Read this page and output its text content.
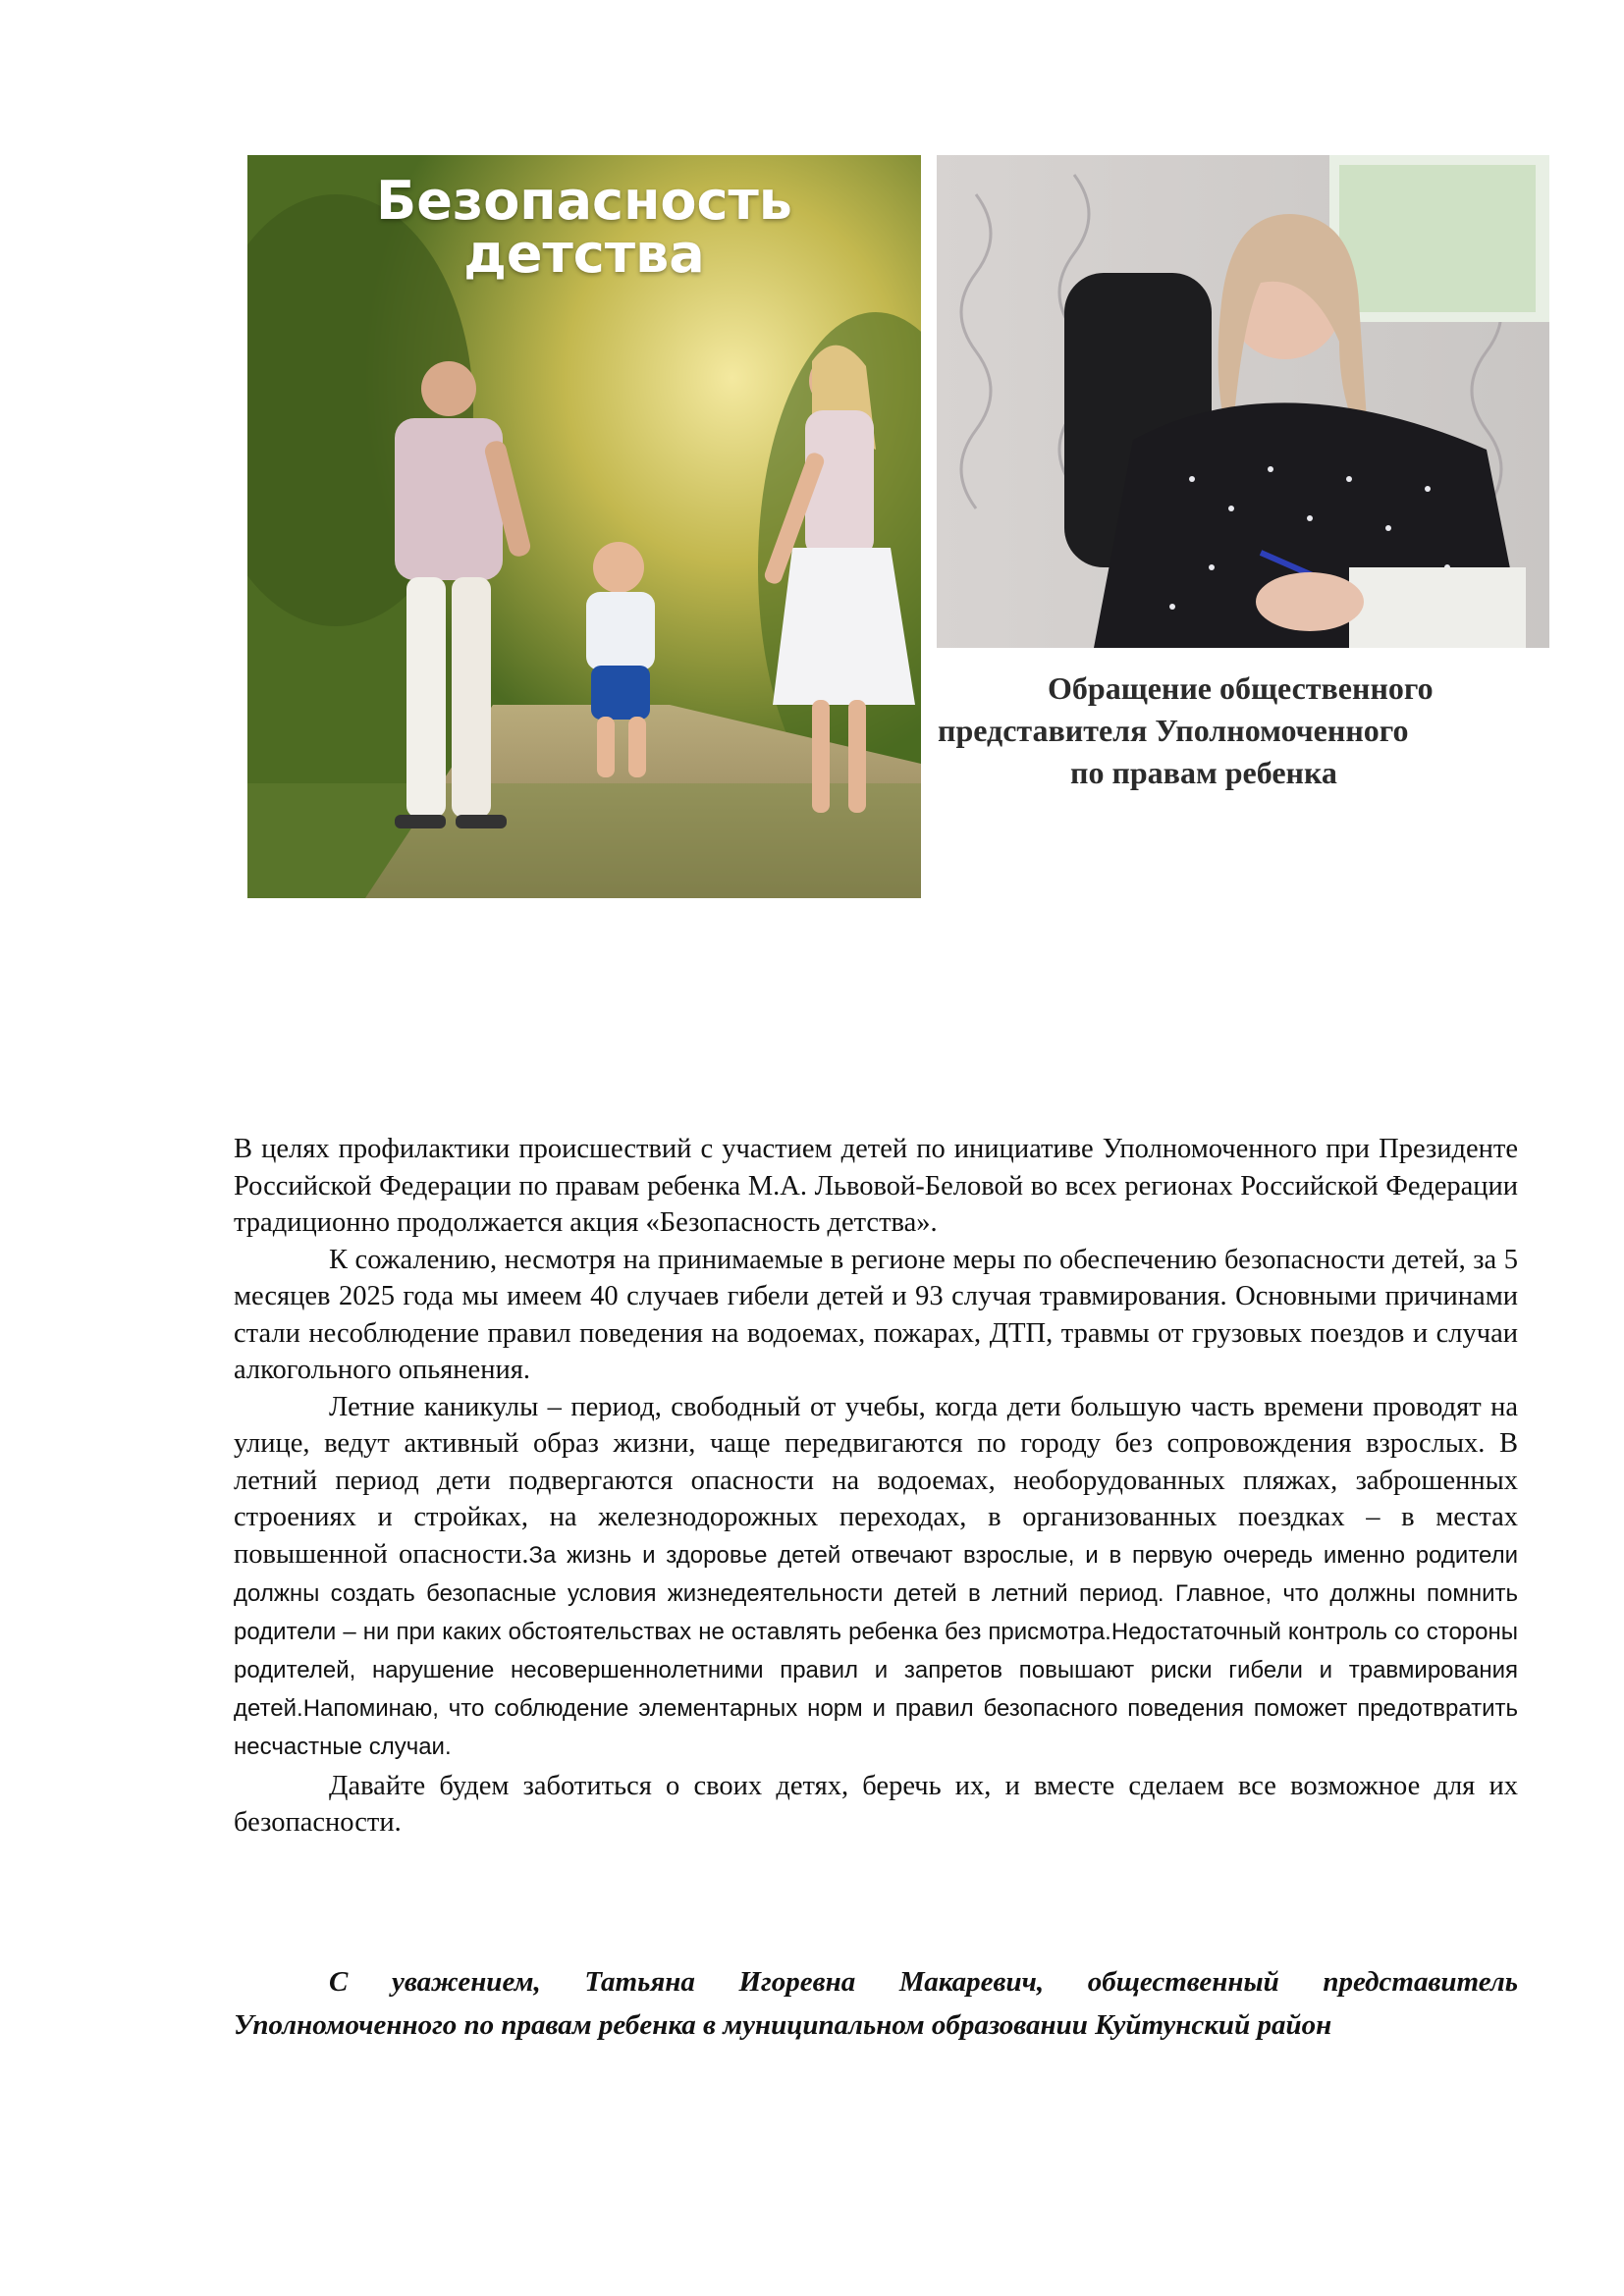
Безопасность
детства
Обращение общественного
представителя Уполномоченного
по правам ребенка

В целях профилактики происшествий с участием детей по инициативе Уполномоченного при Президенте Российской Федерации по правам ребенка М.А. Львовой-Беловой во всех регионах Российской Федерации традиционно продолжается акция «Безопасность детства».

К сожалению, несмотря на принимаемые в регионе меры по обеспечению безопасности детей, за 5 месяцев 2025 года мы имеем 40 случаев гибели детей и 93 случая травмирования. Основными причинами стали несоблюдение правил поведения на водоемах, пожарах, ДТП, травмы от грузовых поездов и случаи алкогольного опьянения.

Летние каникулы – период, свободный от учебы, когда дети большую часть времени проводят на улице, ведут активный образ жизни, чаще передвигаются по городу без сопровождения взрослых. В летний период дети подвергаются опасности на водоемах, необорудованных пляжах, заброшенных строениях и стройках, на железнодорожных переходах, в организованных поездках – в местах повышенной опасности.За жизнь и здоровье детей отвечают взрослые, и в первую очередь именно родители должны создать безопасные условия жизнедеятельности детей в летний период. Главное, что должны помнить родители – ни при каких обстоятельствах не оставлять ребенка без присмотра.Недостаточный контроль со стороны родителей, нарушение несовершеннолетними правил и запретов повышают риски гибели и травмирования детей.Напоминаю, что соблюдение элементарных норм и правил безопасного поведения поможет предотвратить несчастные случаи.

Давайте будем заботиться о своих детях, беречь их, и вместе сделаем все возможное для их безопасности.

С уважением, Татьяна Игоревна Макаревич, общественный представитель Уполномоченного по правам ребенка в муниципальном образовании Куйтунский район
